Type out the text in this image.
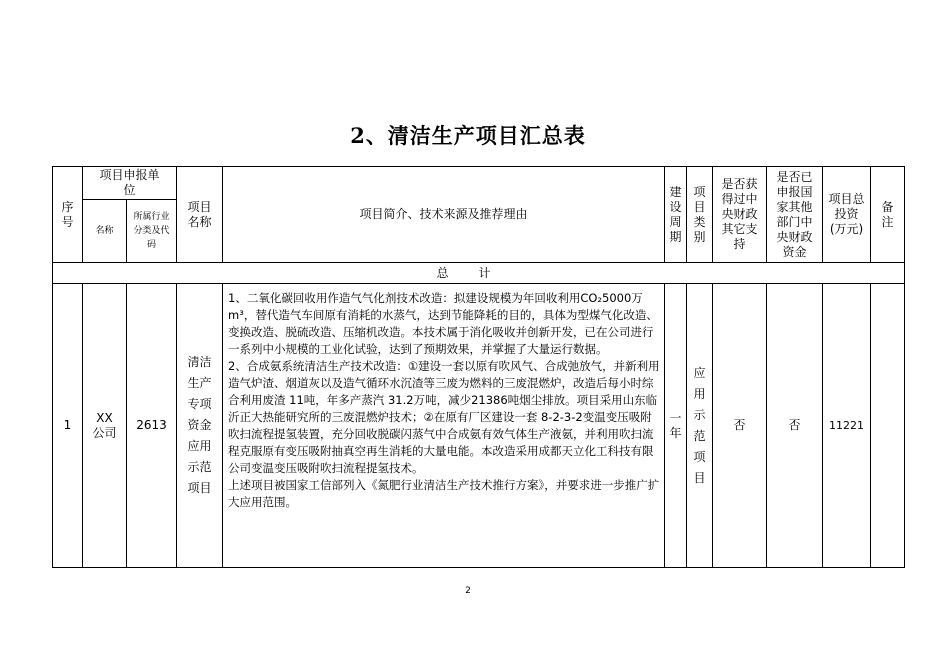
2、清洁生产项目汇总表
序号	项目申报单位		项目名称	项目简介、技术来源及推荐理由	建设周期	项目类别	是否获得过中央财政其它支持	是否已申报国家其他部门中央财政资金	项目总投资(万元)	备注
	名称	所属行业分类及代码								
总计										
1	XX公司	2613	清洁生产专项资金应用示范项目	1、二氧化碳回收用作造气气化剂技术改造：拟建设规模为年回收利用CO₂5000万m³，替代造气车间原有消耗的水蒸气，达到节能降耗的目的，具体为型煤气化改造、变换改造、脱硫改造、压缩机改造。本技术属于消化吸收并创新开发，已在公司进行一系列中小规模的工业化试验，达到了预期效果，并掌握了大量运行数据。

2、合成氨系统清洁生产技术改造：①建设一套以原有吹风气、合成弛放气，并新利用造气炉渣、烟道灰以及造气循环水沉渣等三废为燃料的三废混燃炉，改造后每小时综合利用废渣 11吨，年多产蒸汽 31.2万吨，减少21386吨烟尘排放。项目采用山东临沂正大热能研究所的三废混燃炉技术；②在原有厂区建设一套 8-2-3-2变温变压吸附吹扫流程提氢装置，充分回收脱碳闪蒸气中合成氨有效气体生产液氨，并利用吹扫流程克服原有变压吸附抽真空再生消耗的大量电能。本改造采用成都天立化工科技有限公司变温变压吸附吹扫流程提氢技术。

上述项目被国家工信部列入《氮肥行业清洁生产技术推行方案》，并要求进一步推广扩大应用范围。	一年	应用示范项目	否	否	11221	
2
